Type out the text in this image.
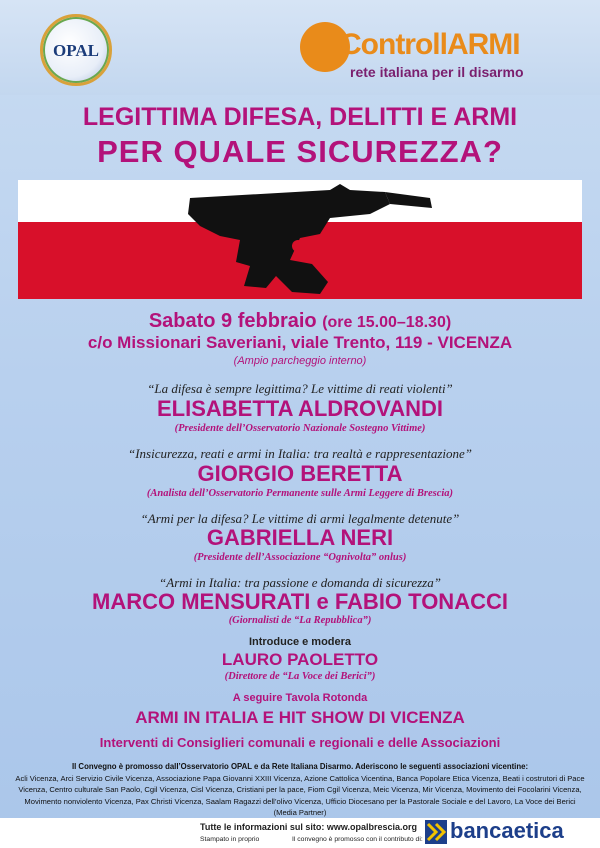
OPAL	ControllARMI
rete italiana per il disarmo
LEGITTIMA DIFESA, DELITTI E ARMI
PER QUALE SICUREZZA?
Sabato 9 febbraio (ore 15.00–18.30)
c/o Missionari Saveriani, viale Trento, 119 - VICENZA
(Ampio parcheggio interno)
“La difesa è sempre legittima? Le vittime di reati violenti”
ELISABETTA ALDROVANDI
(Presidente dell’Osservatorio Nazionale Sostegno Vittime)
“Insicurezza, reati e armi in Italia: tra realtà e rappresentazione”
GIORGIO BERETTA
(Analista dell’Osservatorio Permanente sulle Armi Leggere di Brescia)
“Armi per la difesa? Le vittime di armi legalmente detenute”
GABRIELLA NERI
(Presidente dell’Associazione “Ognivolta” onlus)
“Armi in Italia: tra passione e domanda di sicurezza”
MARCO MENSURATI e FABIO TONACCI
(Giornalisti de “La Repubblica”)
Introduce e modera
LAURO PAOLETTO
(Direttore de “La Voce dei Berici”)
A seguire Tavola Rotonda
ARMI IN ITALIA E HIT SHOW DI VICENZA
Interventi di Consiglieri comunali e regionali e delle Associazioni
Il Convegno è promosso dall’Osservatorio OPAL e da Rete Italiana Disarmo. Aderiscono le seguenti associazioni vicentine:
Acli Vicenza, Arci Servizio Civile Vicenza, Associazione Papa Giovanni XXIII Vicenza, Azione Cattolica Vicentina, Banca Popolare Etica Vicenza, Beati i costrutori di Pace Vicenza, Centro culturale San Paolo, Cgil Vicenza, Cisl Vicenza, Cristiani per la pace, Fiom Cgil Vicenza, Meic Vicenza, Mir Vicenza, Movimento dei Focolarini Vicenza, Movimento nonviolento Vicenza, Pax Christi Vicenza, Saalam Ragazzi dell’olivo Vicenza, Ufficio Diocesano per la Pastorale Sociale e del Lavoro, La Voce dei Berici (Media Partner)
Tutte le informazioni sul sito: www.opalbrescia.org
Stampato in proprio	Il convegno è promosso con il contributo di: bancaetica
